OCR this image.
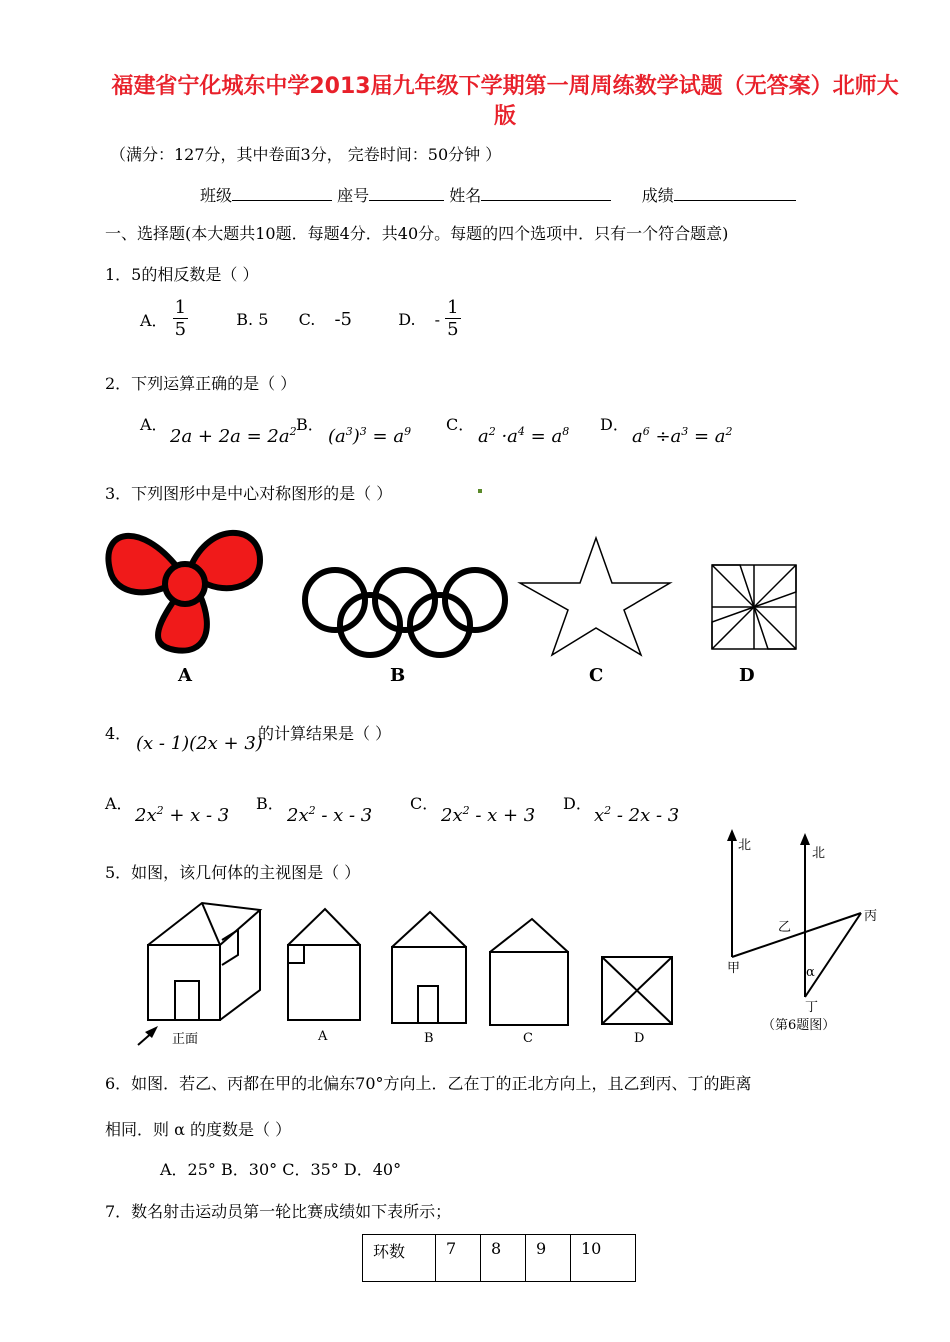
福建省宁化城东中学2013届九年级下学期第一周周练数学试题（无答案）北师大版
（满分：127分，其中卷面3分， 完卷时间：50分钟 ）
班级	座号	姓名	成绩
一、选择题(本大题共10题．每题4分．共40分。每题的四个选项中．只有一个符合题意)
1．5的相反数是（ ）
A． $\frac{1}{5}$	B. 5 C. -5	D. - $\frac{1}{5}$
2．下列运算正确的是（ ）
A．
$2a + 2a = 2a^2$ B．
$(a^3)^3 = a^9$ C．
$a^2 \cdot a^4 = a^8$ D．
$a^6 \div a^3 = a^2$
3．下列图形中是中心对称图形的是（ ）
A	B	C	D
4． (x - 1)(2x + 3)
的计算结果是（ ）
A．
$2x^2 + x - 3$
B．
$2x^2$ - x - 3
C．
$2x^2 - x + 3$
D．
$x^2 - 2x - 3$
5．如图，该几何体的主视图是（ ）
正面	A	B	C	D
北
北
乙
丙
甲	α
丁
（第6题图）
6．如图．若乙、丙都在甲的北偏东70°方向上．乙在丁的正北方向上，且乙到丙、丁的距离
相同．则 α 的度数是（ ）
A．25° B．30° C．35° D．40°
7．数名射击运动员第一轮比赛成绩如下表所示；
环数	7	8	9	10
